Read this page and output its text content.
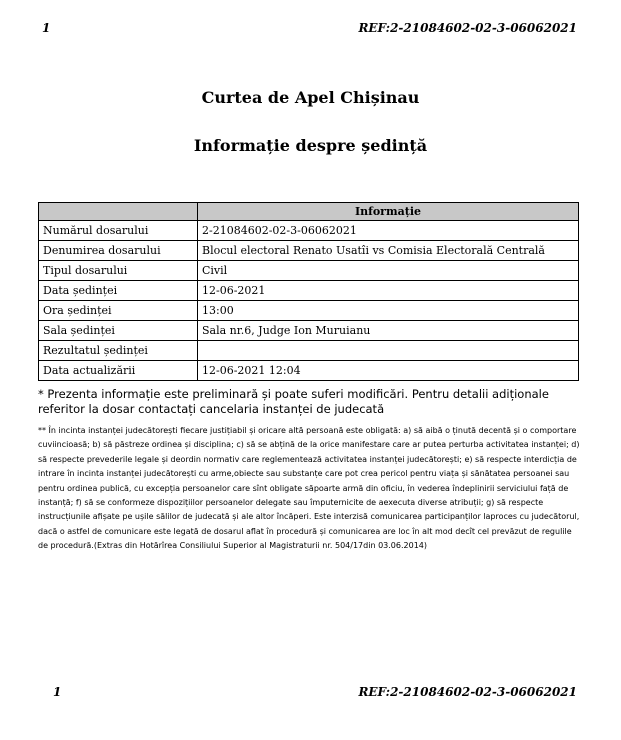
1	REF:2-21084602-02-3-06062021
Curtea de Apel Chișinau
Informație despre ședință
	Informație
Numărul dosarului	2-21084602-02-3-06062021
Denumirea dosarului	Blocul electoral Renato Usatîi vs Comisia Electorală Centrală
Tipul dosarului	Civil
Data ședinței	12-06-2021
Ora ședinței	13:00
Sala ședinței	Sala nr.6, Judge Ion Muruianu
Rezultatul ședinței	
Data actualizării	12-06-2021 12:04
* Prezenta informație este preliminară și poate suferi modificări. Pentru detalii adiționale referitor la dosar contactați cancelaria instanței de judecată
** În incinta instanței judecătorești fiecare justițiabil și oricare altă persoană este obligată: a) să aibă o ținută decentă și o comportare cuviincioasă; b) să păstreze ordinea și disciplina; c) să se abțină de la orice manifestare care ar putea perturba activitatea instanței; d) să respecte prevederile legale și deordin normativ care reglementează activitatea instanței judecătorești; e) să respecte interdicția de intrare în incinta instanței judecătorești cu arme,obiecte sau substanțe care pot crea pericol pentru viața și sănătatea persoanei sau pentru ordinea publică, cu excepția persoanelor care sînt obligate săpoarte armă din oficiu, în vederea îndeplinirii serviciului față de instanță; f) să se conformeze dispozițiilor persoanelor delegate sau împuternicite de aexecuta diverse atribuții; g) să respecte instrucțiunile afișate pe ușile sălilor de judecată și ale altor încăperi. Este interzisă comunicarea participanților laproces cu judecătorul, dacă o astfel de comunicare este legată de dosarul aflat în procedură și comunicarea are loc în alt mod decît cel prevăzut de regulile de procedură.(Extras din Hotărîrea Consiliului Superior al Magistraturii nr. 504/17din 03.06.2014)
1	REF:2-21084602-02-3-06062021
